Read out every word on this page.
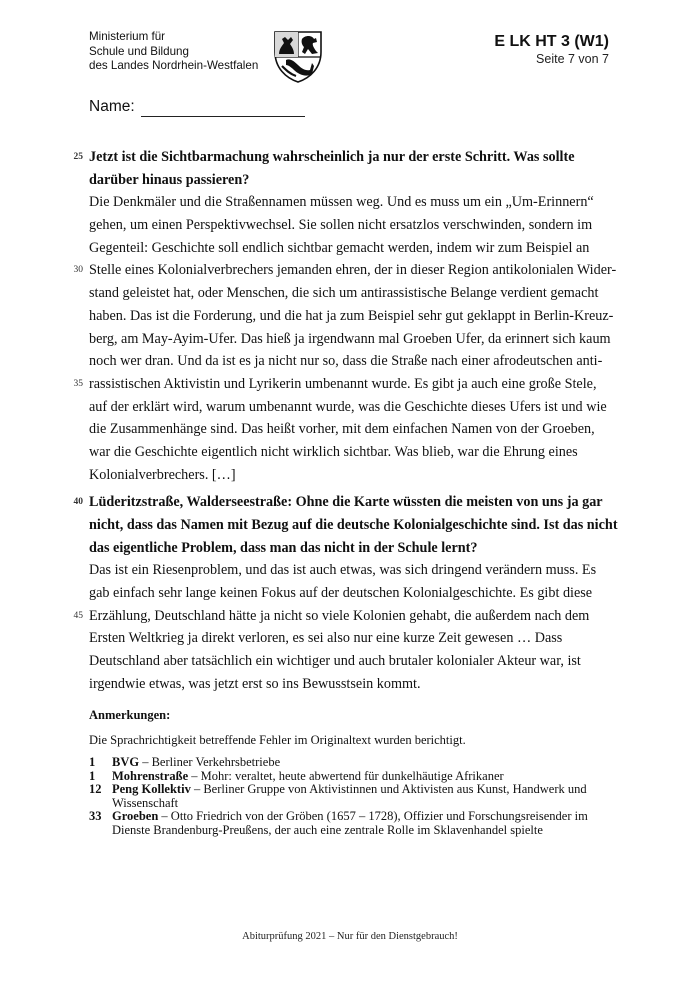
Ministerium für
Schule und Bildung
des Landes Nordrhein-Westfalen
E LK HT 3 (W1)
Seite 7 von 7
Name:
25 Jetzt ist die Sichtbarmachung wahrscheinlich ja nur der erste Schritt. Was sollte
darüber hinaus passieren?
Die Denkmäler und die Straßennamen müssen weg. Und es muss um ein „Um-Erinnern“
gehen, um einen Perspektivwechsel. Sie sollen nicht ersatzlos verschwinden, sondern im
Gegenteil: Geschichte soll endlich sichtbar gemacht werden, indem wir zum Beispiel an
30 Stelle eines Kolonialverbrechers jemanden ehren, der in dieser Region antikolonialen Wider-
stand geleistet hat, oder Menschen, die sich um antirassistische Belange verdient gemacht
haben. Das ist die Forderung, und die hat ja zum Beispiel sehr gut geklappt in Berlin-Kreuz-
berg, am May-Ayim-Ufer. Das hieß ja irgendwann mal Groeben Ufer, da erinnert sich kaum
noch wer dran. Und da ist es ja nicht nur so, dass die Straße nach einer afrodeutschen anti-
35 rassistischen Aktivistin und Lyrikerin umbenannt wurde. Es gibt ja auch eine große Stele,
auf der erklärt wird, warum umbenannt wurde, was die Geschichte dieses Ufers ist und wie
die Zusammenhänge sind. Das heißt vorher, mit dem einfachen Namen von der Groeben,
war die Geschichte eigentlich nicht wirklich sichtbar. Was blieb, war die Ehrung eines
Kolonialverbrechers. […]
40 Lüderitzstraße, Walderseestraße: Ohne die Karte wüssten die meisten von uns ja gar
nicht, dass das Namen mit Bezug auf die deutsche Kolonialgeschichte sind. Ist das nicht
das eigentliche Problem, dass man das nicht in der Schule lernt?
Das ist ein Riesenproblem, und das ist auch etwas, was sich dringend verändern muss. Es
gab einfach sehr lange keinen Fokus auf der deutschen Kolonialgeschichte. Es gibt diese
45 Erzählung, Deutschland hätte ja nicht so viele Kolonien gehabt, die außerdem nach dem
Ersten Weltkrieg ja direkt verloren, es sei also nur eine kurze Zeit gewesen … Dass
Deutschland aber tatsächlich ein wichtiger und auch brutaler kolonialer Akteur war, ist
irgendwie etwas, was jetzt erst so ins Bewusstsein kommt.
Anmerkungen:
Die Sprachrichtigkeit betreffende Fehler im Originaltext wurden berichtigt.
1	BVG – Berliner Verkehrsbetriebe
1	Mohrenstraße – Mohr: veraltet, heute abwertend für dunkelhäutige Afrikaner
12 Peng Kollektiv – Berliner Gruppe von Aktivistinnen und Aktivisten aus Kunst, Handwerk und Wissenschaft
33 Groeben – Otto Friedrich von der Gröben (1657 – 1728), Offizier und Forschungsreisender im Dienste Brandenburg-Preußens, der auch eine zentrale Rolle im Sklavenhandel spielte
Abiturprüfung 2021 – Nur für den Dienstgebrauch!
